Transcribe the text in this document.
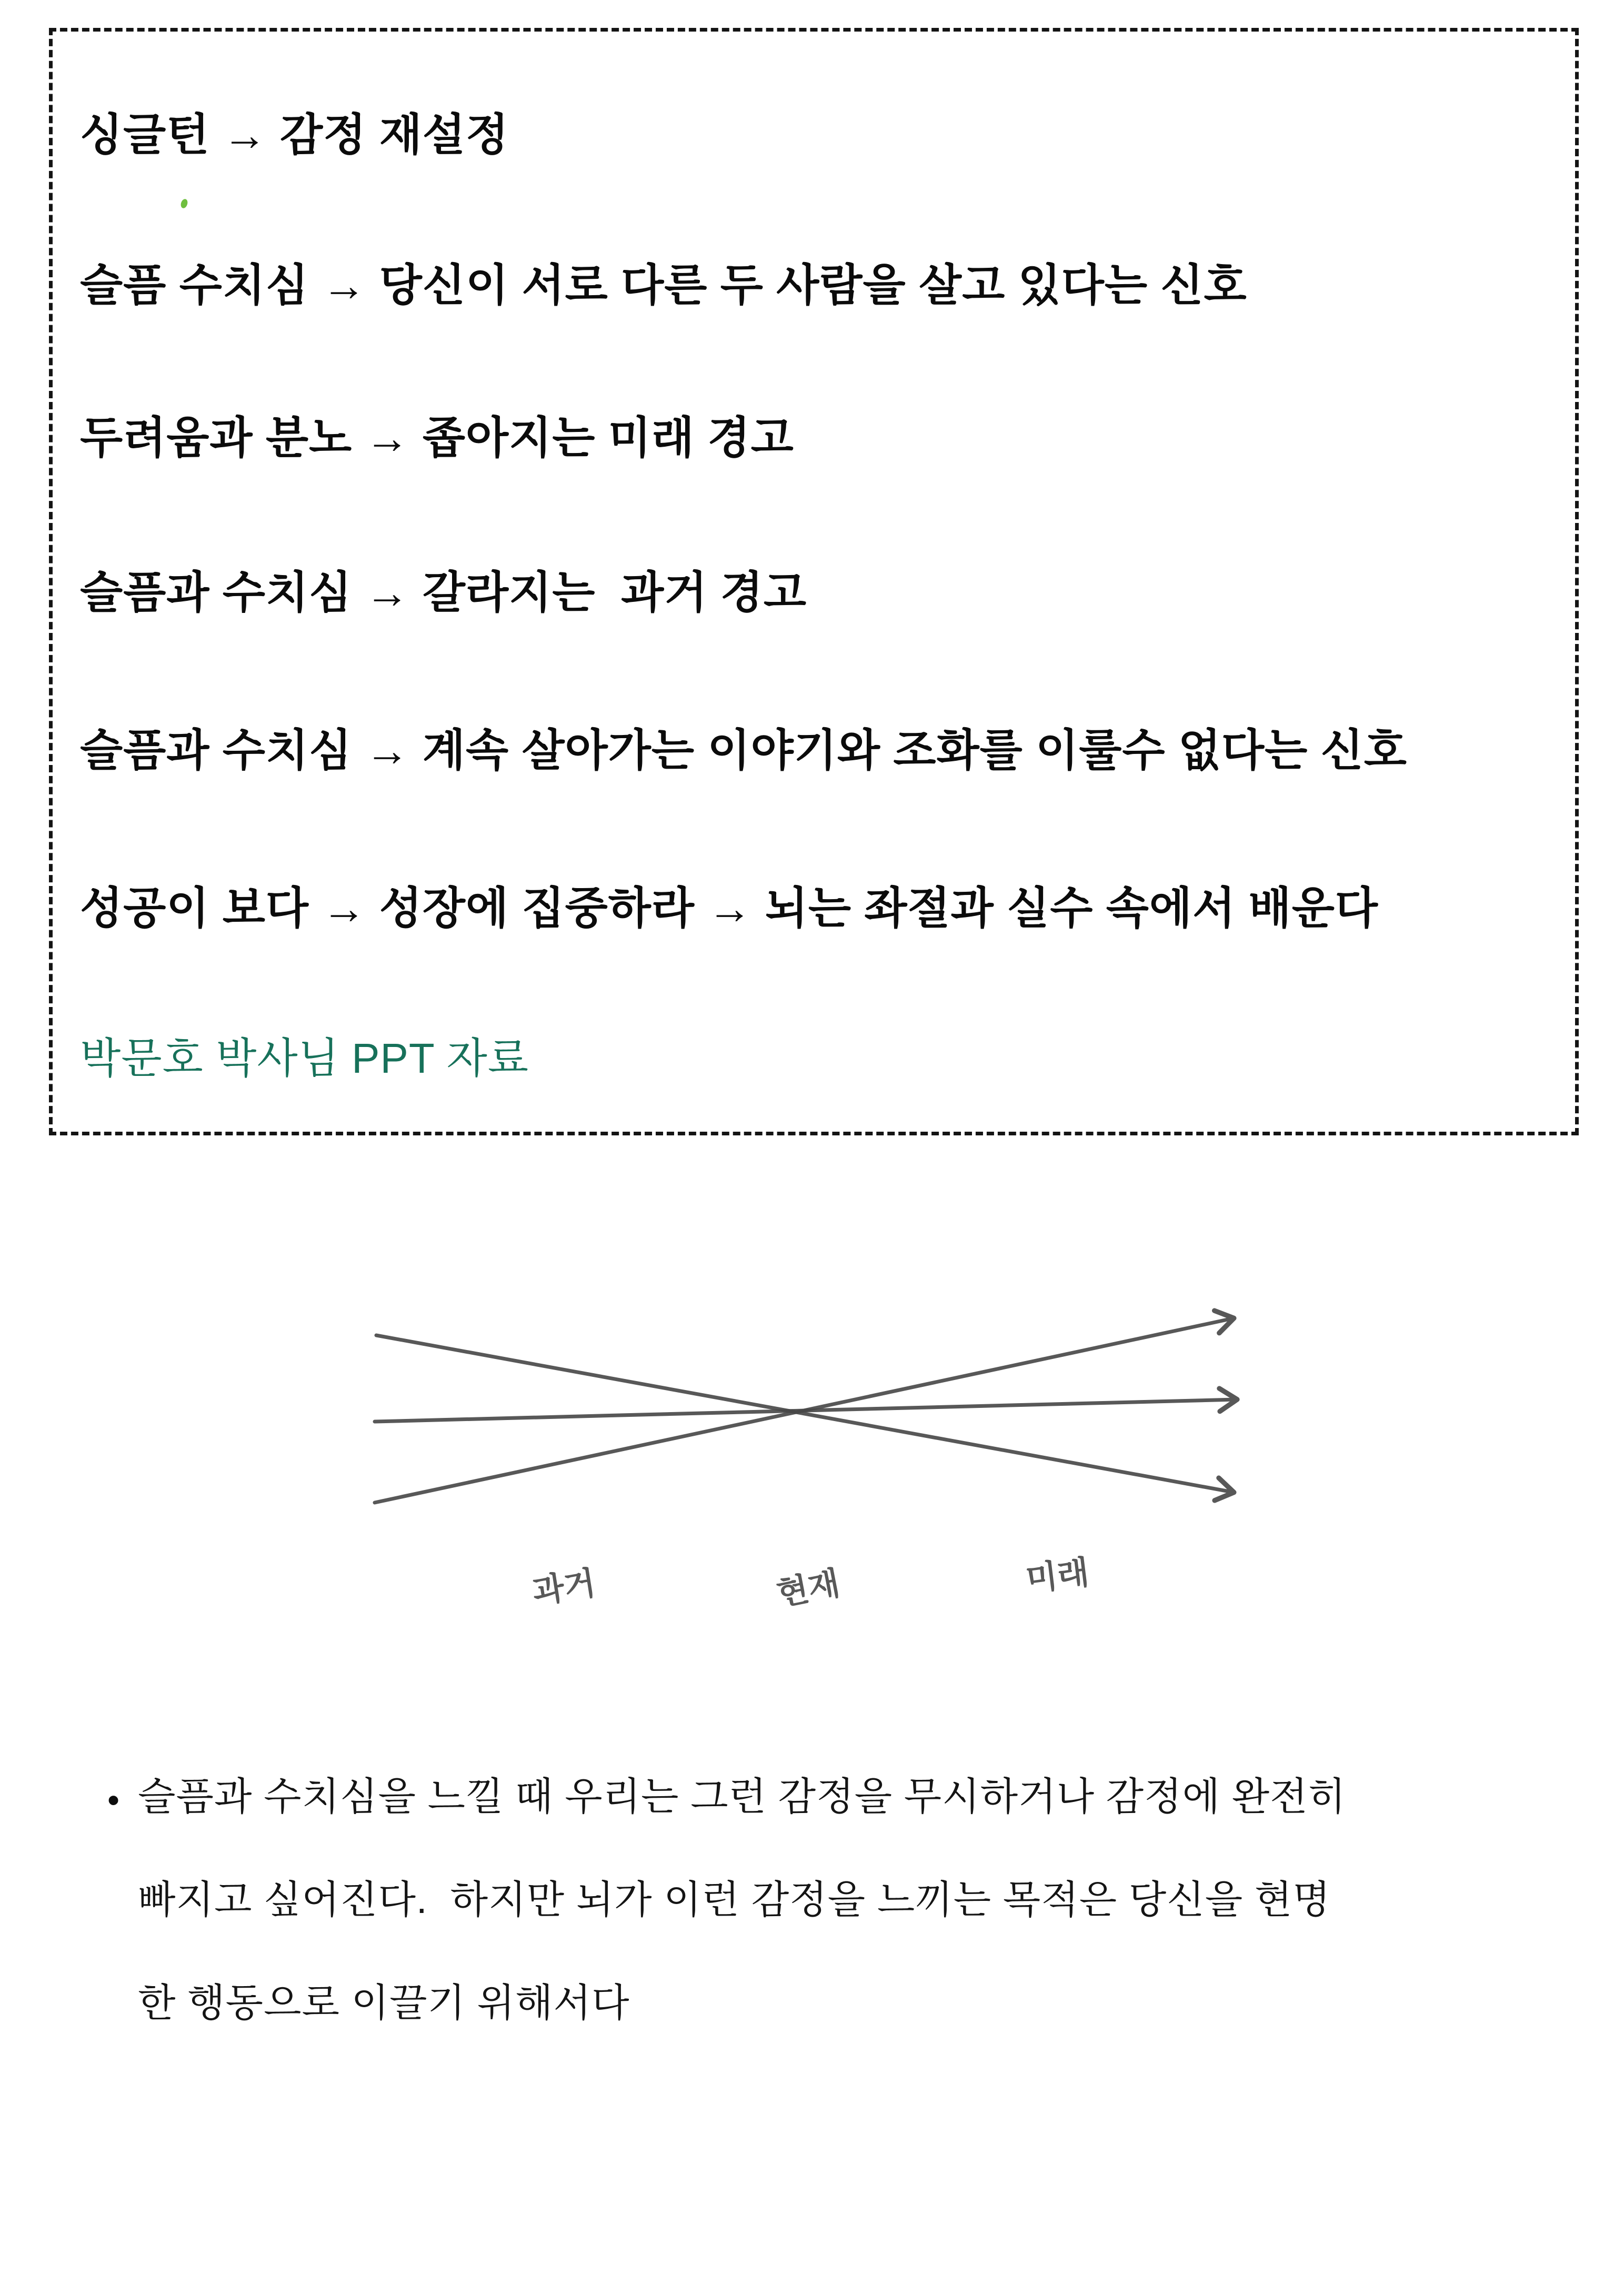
싱글턴 → 감정 재설정
슬픔 수치심 → 당신이 서로 다른 두 사람을 살고 있다는 신호
두려움과 분노 → 좁아지는 미래 경고
슬픔과 수치심 → 갈라지는  과거 경고
슬픔과 수치심 → 계속 살아가는 이야기와 조화를 이룰수 없다는 신호
성공이 보다 → 성장에 집중하라 → 뇌는 좌절과 실수 속에서 배운다
박문호 박사님 PPT 자료
과거	현재	미래
• 슬픔과 수치심을 느낄 때 우리는 그런 감정을 무시하거나 감정에 완전히
빠지고 싶어진다.  하지만 뇌가 이런 감정을 느끼는 목적은 당신을 현명
한 행동으로 이끌기 위해서다
